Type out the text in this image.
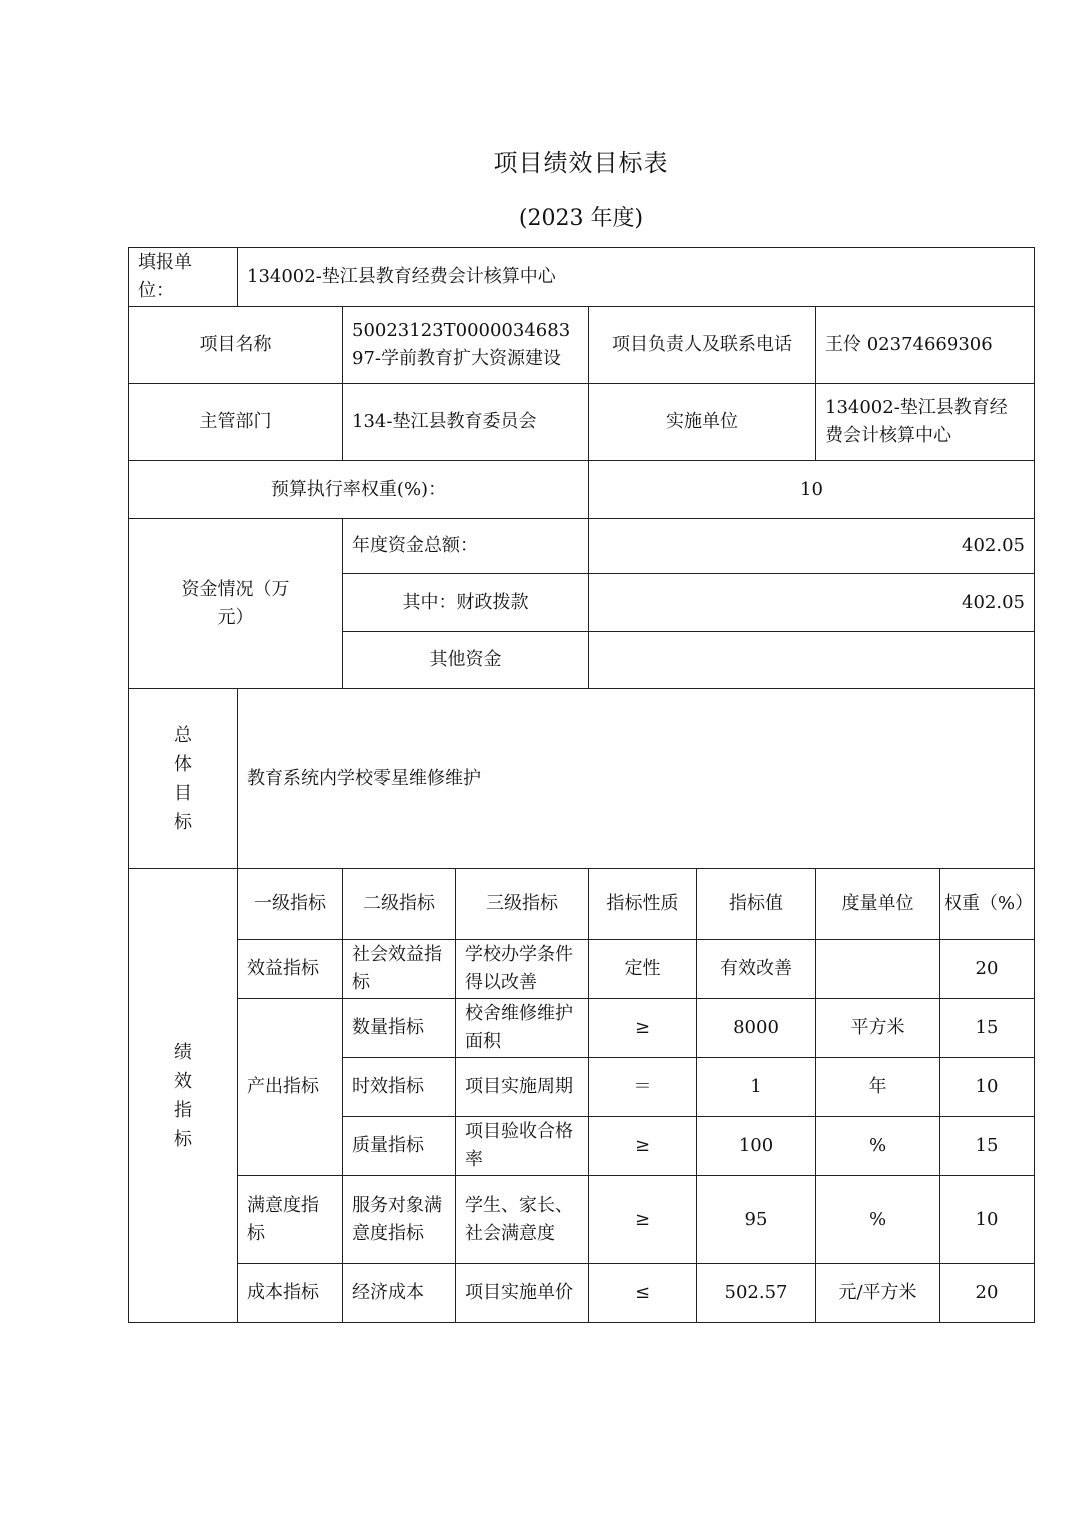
项目绩效目标表
(2023 年度)
填报单位：	134002-垫江县教育经费会计核算中心						
项目名称		50023123T000003468397-学前教育扩大资源建设		项目负责人及联系电话		王伶 02374669306	
主管部门		134-垫江县教育委员会		实施单位		134002-垫江县教育经费会计核算中心	
预算执行率权重(%)：				10			
资金情况（万元）		年度资金总额：		402.05			
		其中：财政拨款		402.05			
		其他资金					

总体目标	教育系统内学校零星维修维护						

绩效指标	一级指标	二级指标	三级指标	指标性质	指标值	度量单位	权重（%）
	效益指标	社会效益指标	学校办学条件得以改善	定性	有效改善		20
	产出指标	数量指标	校舍维修维护面积	≥	8000	平方米	15
		时效指标	项目实施周期	＝	1	年	10
		质量指标	项目验收合格率	≥	100	%	15
	满意度指标	服务对象满意度指标	学生、家长、社会满意度	≥	95	%	10
	成本指标	经济成本	项目实施单价	≤	502.57	元/平方米	20
